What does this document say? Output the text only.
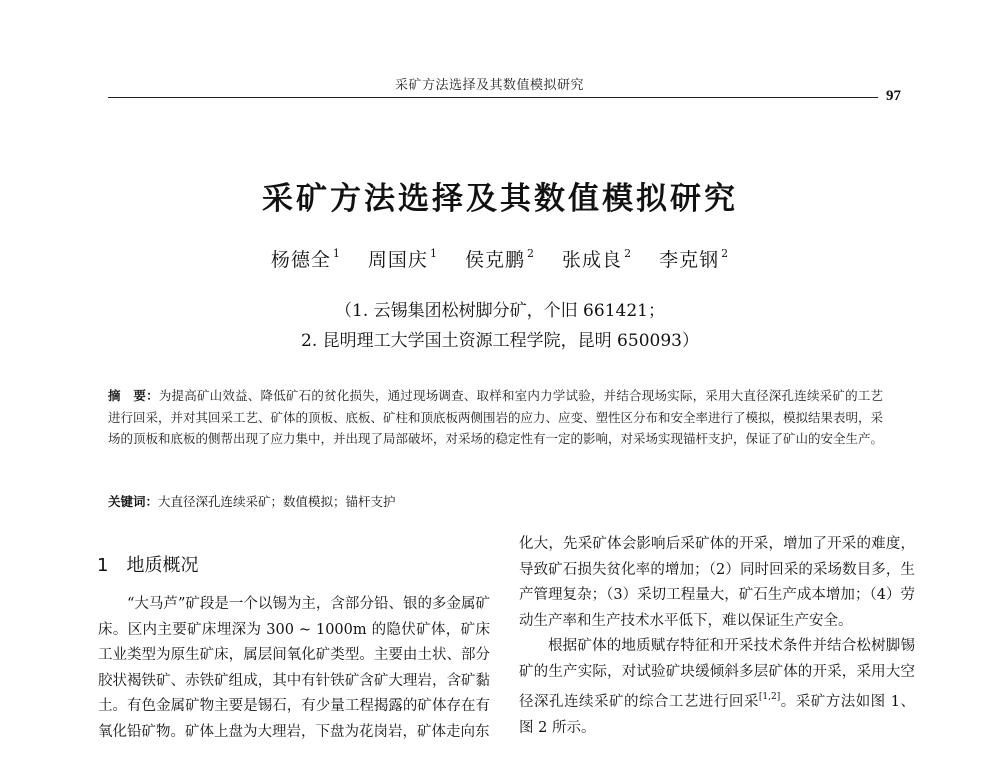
采矿方法选择及其数值模拟研究
97
采矿方法选择及其数值模拟研究
杨德全 $^1$ 周国庆 $^1$ 侯克鹏 $^2$ 张成良 $^2$ 李克钢 $^2$
（1. 云锡集团松树脚分矿，个旧 661421；
2. 昆明理工大学国土资源工程学院，昆明 650093）
摘　要：为提高矿山效益、降低矿石的贫化损失，通过现场调查、取样和室内力学试验，并结合现场实际，采用大直径深孔连续采矿的工艺进行回采，并对其回采工艺、矿体的顶板、底板、矿柱和顶底板两侧围岩的应力、应变、塑性区分布和安全率进行了模拟，模拟结果表明，采场的顶板和底板的侧帮出现了应力集中，并出现了局部破坏，对采场的稳定性有一定的影响，对采场实现锚杆支护，保证了矿山的安全生产。
关键词：大直径深孔连续采矿；数值模拟；锚杆支护
1 地质概况

“大马芦”矿段是一个以锡为主，含部分铅、银的多金属矿床。区内主要矿床埋深为 300 ~ 1000m 的隐伏矿体，矿床工业类型为原生矿床，属层间氧化矿类型。主要由土状、部分胶状褐铁矿、赤铁矿组成，其中有针铁矿含矿大理岩，含矿黏土。有色金属矿物主要是锡石，有少量工程揭露的矿体存在有氧化铅矿物。矿体上盘为大理岩，下盘为花岗岩，矿体走向东

化大，先采矿体会影响后采矿体的开采，增加了开采的难度，导致矿石损失贫化率的增加；（2）同时回采的采场数目多，生产管理复杂；（3）采切工程量大，矿石生产成本增加；（4）劳动生产率和生产技术水平低下，难以保证生产安全。

根据矿体的地质赋存特征和开采技术条件并结合松树脚锡矿的生产实际，对试验矿块缓倾斜多层矿体的开采，采用大空径深孔连续采矿的综合工艺进行回采[1,2]。采矿方法如图 1、图 2 所示。
